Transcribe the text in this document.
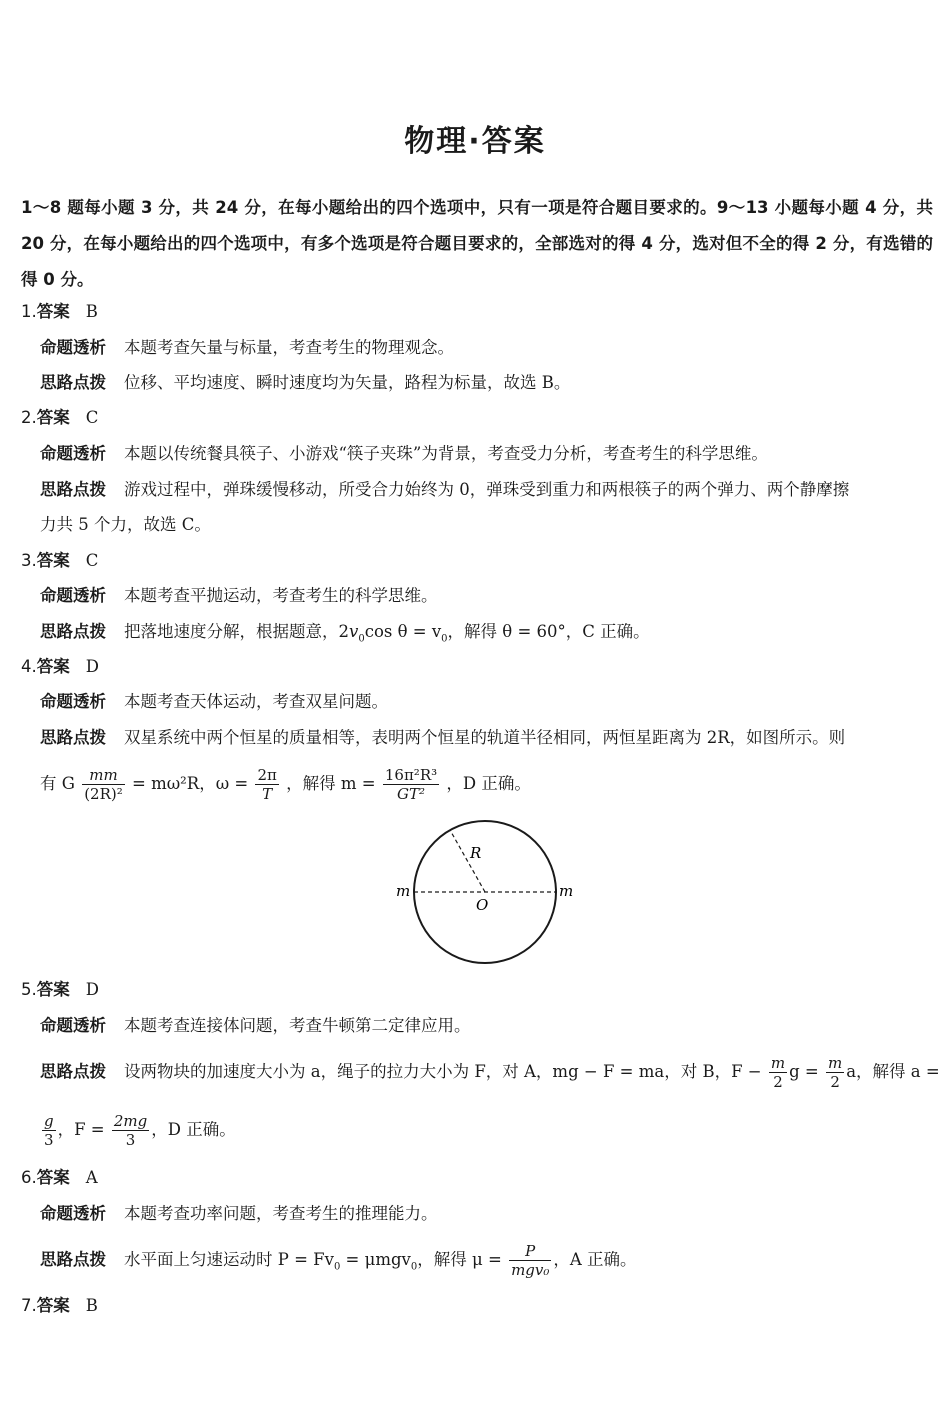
物理·答案
1～8 题每小题 3 分，共 24 分，在每小题给出的四个选项中，只有一项是符合题目要求的。9～13 小题每小题 4 分，共 20 分，在每小题给出的四个选项中，有多个选项是符合题目要求的，全部选对的得 4 分，选对但不全的得 2 分，有选错的得 0 分。
1.答案 B
命题透析 本题考查矢量与标量，考查考生的物理观念。
思路点拨 位移、平均速度、瞬时速度均为矢量，路程为标量，故选 B。
2.答案 C
命题透析 本题以传统餐具筷子、小游戏“筷子夹珠”为背景，考查受力分析，考查考生的科学思维。
思路点拨 游戏过程中，弹珠缓慢移动，所受合力始终为 0，弹珠受到重力和两根筷子的两个弹力、两个静摩擦
力共 5 个力，故选 C。
3.答案 C
命题透析 本题考查平抛运动，考查考生的科学思维。
思路点拨 把落地速度分解，根据题意，$2v_0\cos$ $\theta = v_0$，解得 θ = 60°，C 正确。
4.答案 D
命题透析 本题考查天体运动，考查双星问题。
思路点拨 双星系统中两个恒星的质量相等，表明两个恒星的轨道半径相同，两恒星距离为 2R，如图所示。则
有 G $\frac{mm}{\text{(2R)²}} = m\omega^2R$，$\omega = \frac{2\pi}{T}$ ，解得 $m = \frac{\text{16π²R³}}{\text{GT²}}$ ，D 正确。
R
O
m	m
5.答案 D
命题透析 本题考查连接体问题，考查牛顿第二定律应用。
思路点拨 设两物块的加速度大小为 a，绳子的拉力大小为 F，对 A，mg − F = ma，对 B，$F - \frac{m}{2}$ $g = \frac{m}{2}$ a，解得 a =
$\frac{g}{3}$ ，$F = \frac{2mg}{3}$ ，D 正确。
6.答案 A
命题透析 本题考查功率问题，考查考生的推理能力。
思路点拨 水平面上匀速运动时 $P = Fv_0 = \mu mgv_0$，解得 $\mu = \frac{P}{\text{mgv₀}}$ ，A 正确。
7.答案 B
